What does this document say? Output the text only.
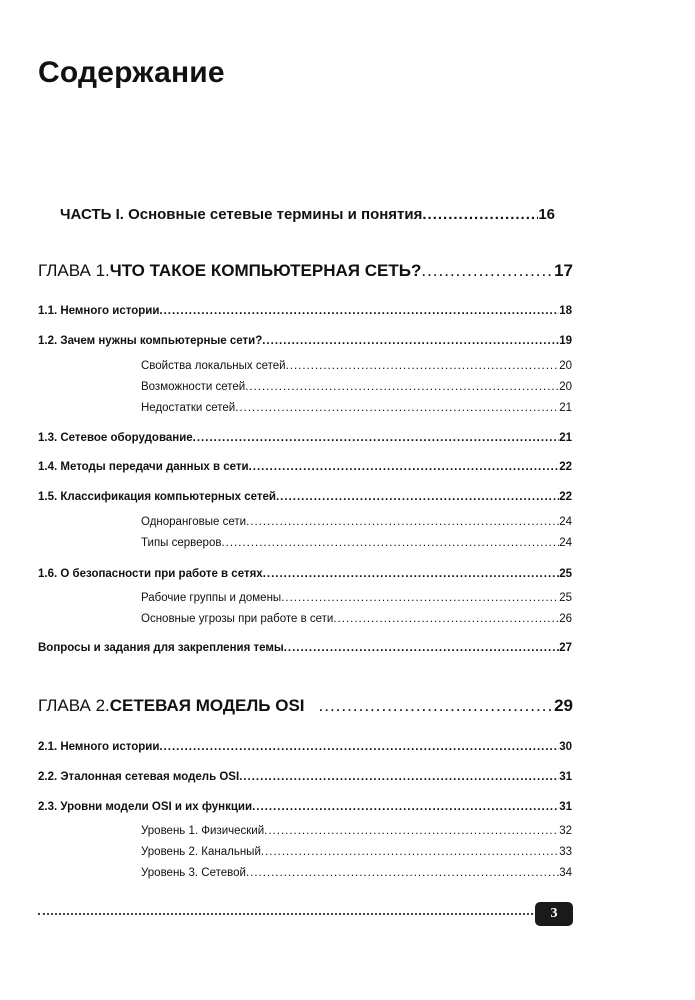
Содержание
ЧАСТЬ I. Основные сетевые термины и понятия .....	16
ГЛАВА 1. ЧТО ТАКОЕ КОМПЬЮТЕРНАЯ СЕТЬ? .....	17
1.1. Немного истории .....	18
1.2. Зачем нужны компьютерные сети? .....	19
Свойства локальных сетей .....	20
Возможности сетей .....	20
Недостатки сетей .....	21
1.3. Сетевое оборудование .....	21
1.4. Методы передачи данных в сети .....	22
1.5. Классификация компьютерных сетей .....	22
Одноранговые сети .....	24
Типы серверов .....	24
1.6. О безопасности при работе в сетях .....	25
Рабочие группы и домены .....	25
Основные угрозы при работе в сети .....	26
Вопросы и задания для закрепления темы .....	27
ГЛАВА 2. СЕТЕВАЯ МОДЕЛЬ OSI .....	29
2.1. Немного истории .....	30
2.2. Эталонная сетевая модель OSI .....	31
2.3. Уровни модели OSI и их функции .....	31
Уровень 1. Физический .....	32
Уровень 2. Канальный .....	33
Уровень 3. Сетевой .....	34
3
